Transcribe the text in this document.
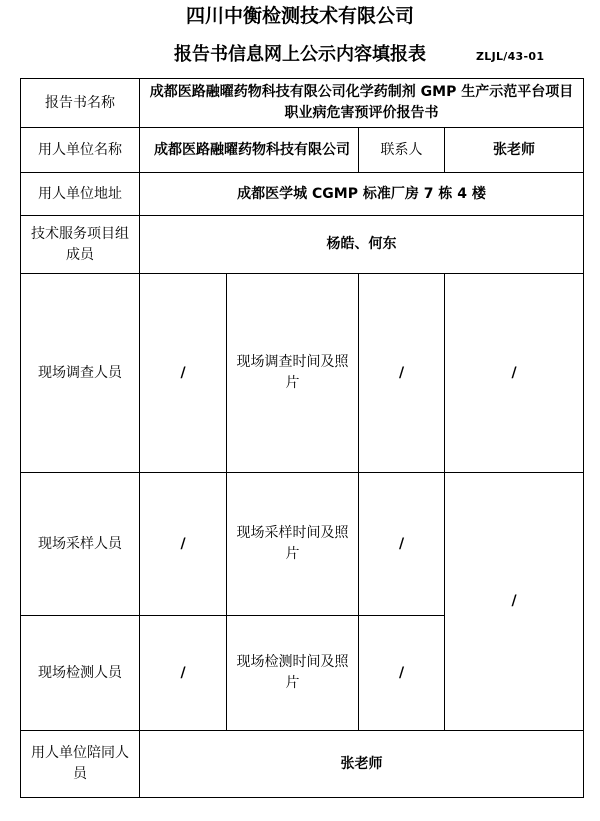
四川中衡检测技术有限公司
报告书信息网上公示内容填报表	ZLJL/43-01
报告书名称	成都医路融曜药物科技有限公司化学药制剂 GMP 生产示范平台项目职业病危害预评价报告书			
用人单位名称	成都医路融曜药物科技有限公司		联系人	张老师
用人单位地址	成都医学城 CGMP 标准厂房 7 栋 4 楼			
技术服务项目组成员	杨皓、何东			
现场调查人员	/	现场调查时间及照片	/	/
现场采样人员	/	现场采样时间及照片	/	/
现场检测人员	/	现场检测时间及照片	/	
用人单位陪同人员	张老师			
